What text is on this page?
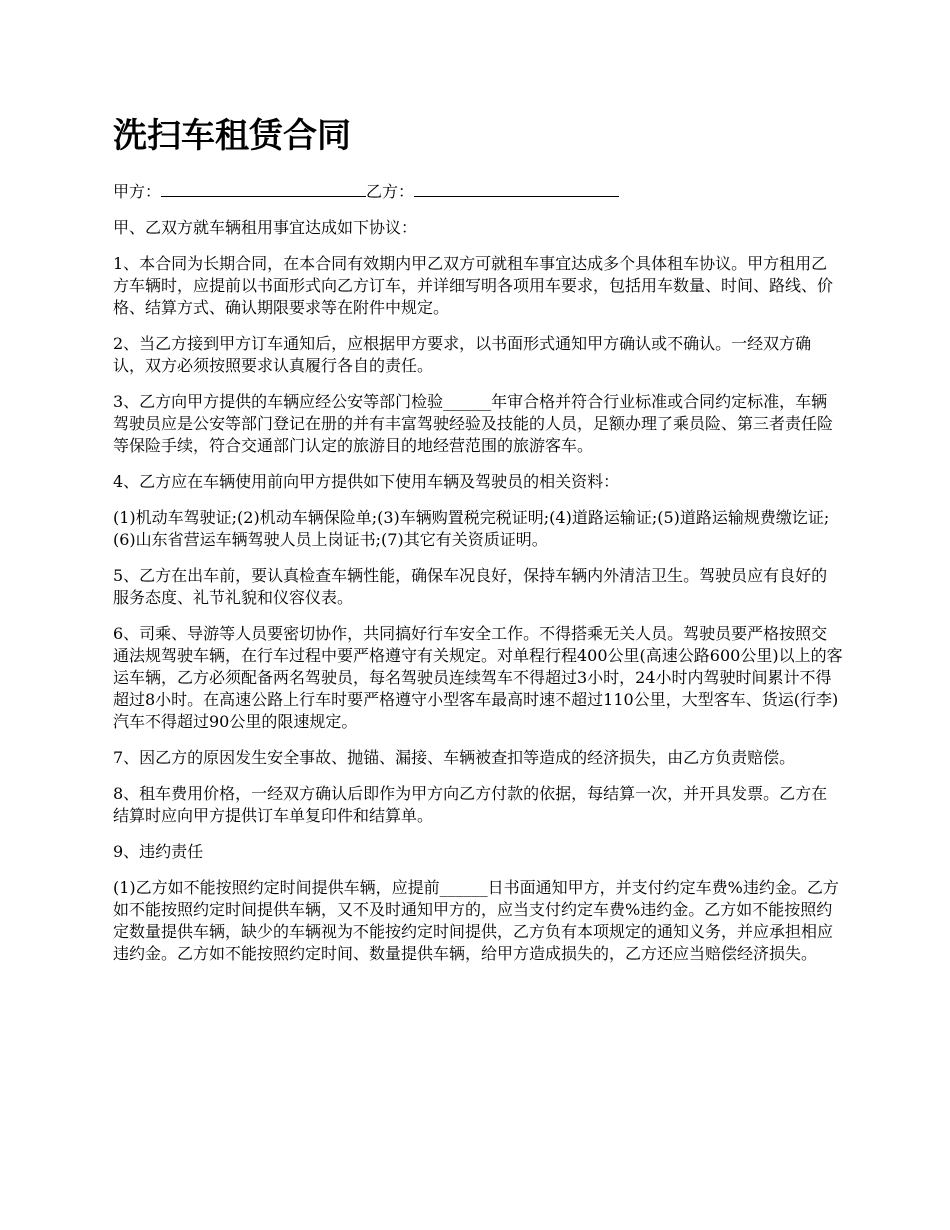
洗扫车租赁合同
甲方：	乙方：

甲、乙双方就车辆租用事宜达成如下协议：

1、本合同为长期合同，在本合同有效期内甲乙双方可就租车事宜达成多个具体租车协议。甲方租用乙方车辆时，应提前以书面形式向乙方订车，并详细写明各项用车要求，包括用车数量、时间、路线、价格、结算方式、确认期限要求等在附件中规定。

2、当乙方接到甲方订车通知后，应根据甲方要求，以书面形式通知甲方确认或不确认。一经双方确认，双方必须按照要求认真履行各自的责任。

3、乙方向甲方提供的车辆应经公安等部门检验______年审合格并符合行业标准或合同约定标准，车辆驾驶员应是公安等部门登记在册的并有丰富驾驶经验及技能的人员，足额办理了乘员险、第三者责任险等保险手续，符合交通部门认定的旅游目的地经营范围的旅游客车。

4、乙方应在车辆使用前向甲方提供如下使用车辆及驾驶员的相关资料：

(1)机动车驾驶证;(2)机动车辆保险单;(3)车辆购置税完税证明;(4)道路运输证;(5)道路运输规费缴讫证;(6)山东省营运车辆驾驶人员上岗证书;(7)其它有关资质证明。

5、乙方在出车前，要认真检查车辆性能，确保车况良好，保持车辆内外清洁卫生。驾驶员应有良好的服务态度、礼节礼貌和仪容仪表。

6、司乘、导游等人员要密切协作，共同搞好行车安全工作。不得搭乘无关人员。驾驶员要严格按照交通法规驾驶车辆，在行车过程中要严格遵守有关规定。对单程行程400公里(高速公路600公里)以上的客运车辆，乙方必须配备两名驾驶员，每名驾驶员连续驾车不得超过3小时，24小时内驾驶时间累计不得超过8小时。在高速公路上行车时要严格遵守小型客车最高时速不超过110公里，大型客车、货运(行李)汽车不得超过90公里的限速规定。

7、因乙方的原因发生安全事故、抛锚、漏接、车辆被查扣等造成的经济损失，由乙方负责赔偿。

8、租车费用价格，一经双方确认后即作为甲方向乙方付款的依据，每结算一次，并开具发票。乙方在结算时应向甲方提供订车单复印件和结算单。

9、违约责任

(1)乙方如不能按照约定时间提供车辆，应提前______日书面通知甲方，并支付约定车费%违约金。乙方如不能按照约定时间提供车辆，又不及时通知甲方的，应当支付约定车费%违约金。乙方如不能按照约定数量提供车辆，缺少的车辆视为不能按约定时间提供，乙方负有本项规定的通知义务，并应承担相应违约金。乙方如不能按照约定时间、数量提供车辆，给甲方造成损失的，乙方还应当赔偿经济损失。
